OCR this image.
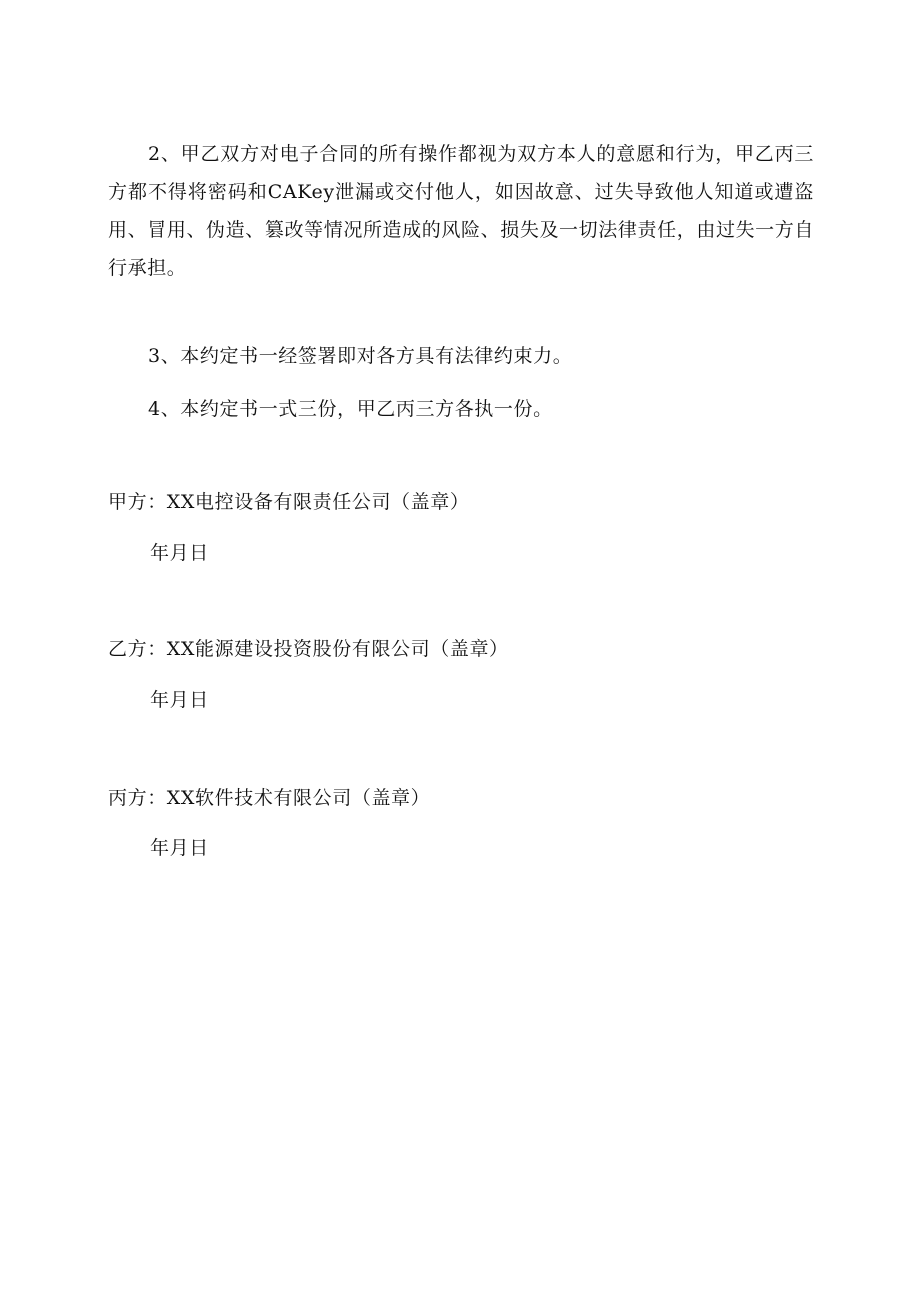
2、甲乙双方对电子合同的所有操作都视为双方本人的意愿和行为，甲乙丙三方都不得将密码和CAKey泄漏或交付他人，如因故意、过失导致他人知道或遭盗用、冒用、伪造、篡改等情况所造成的风险、损失及一切法律责任，由过失一方自行承担。

3、本约定书一经签署即对各方具有法律约束力。

4、本约定书一式三份，甲乙丙三方各执一份。

甲方：XX电控设备有限责任公司（盖章）

年月日

乙方：XX能源建设投资股份有限公司（盖章）

年月日

丙方：XX软件技术有限公司（盖章）

年月日
